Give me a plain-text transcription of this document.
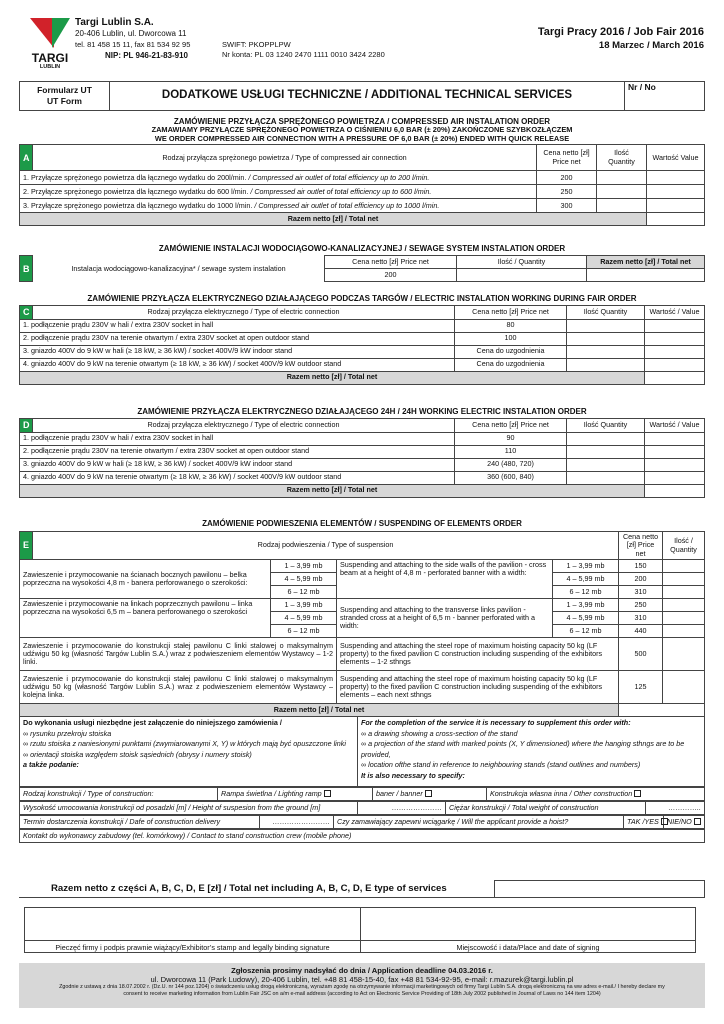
TARGI
LUBLIN
Targi Lublin S.A.
20-406 Lublin, ul. Dworcowa 11
tel. 81 458 15 11, fax 81 534 92 95
NIP: PL 946-21-83-910
SWIFT: PKOPPLPW
Nr konta: PL 03 1240 2470 1111 0010 3424 2280
Targi Pracy 2016 / Job Fair 2016
18 Marzec / March 2016
Formularz UT
UT Form	DODATKOWE USŁUGI TECHNICZNE / ADDITIONAL TECHNICAL SERVICES	Nr / No
ZAMÓWIENIE PRZYŁĄCZA SPRĘŻONEGO POWIETRZA / COMPRESSED AIR INSTALATION ORDER
ZAMAWIAMY PRZYŁĄCZE SPRĘŻONEGO POWIETRZA O CIŚNIENIU 6,0 BAR (± 20%) ZAKOŃCZONE SZYBKOZŁĄCZEM
WE ORDER COMPRESSED AIR CONNECTION WITH A PRESSURE OF 6,0 BAR (± 20%) ENDED WITH QUICK RELEASE
A	Rodzaj przyłącza sprężonego powietrza / Type of compressed air connection	Cena netto [zł] Price net	Ilość Quantity	Wartość Value
1. Przyłącze sprężonego powietrza dla łącznego wydatku do 200l/min. / Compressed air outlet of total efficiency up to 200 l/min.		200		
2. Przyłącze sprężonego powietrza dla łącznego wydatku do 600 l/min. / Compressed air outlet of total efficiency up to 600 l/min.		250		
3. Przyłącze sprężonego powietrza dla łącznego wydatku do 1000 l/min. / Compressed air outlet of total efficiency up to 1000 l/min.		300		
Razem netto [zł] / Total net				
ZAMÓWIENIE INSTALACJI WODOCIĄGOWO-KANALIZACYJNEJ / SEWAGE SYSTEM INSTALATION ORDER
B	Instalacja wodociągowo-kanalizacyjna* / sewage system instalation	Cena netto [zł] Price net	Ilość / Quantity	Razem netto [zł] / Total net
		200		
ZAMÓWIENIE PRZYŁĄCZA ELEKTRYCZNEGO DZIAŁAJĄCEGO PODCZAS TARGÓW / ELECTRIC INSTALATION WORKING DURING FAIR ORDER
C	Rodzaj przyłącza elektrycznego / Type of electric connection	Cena netto [zł] Price net	Ilość Quantity	Wartość / Value
1. podłączenie prądu 230V w hali / extra 230V socket in hall		80		
2. podłączenie prądu 230V na terenie otwartym / extra 230V socket at open outdoor stand		100		
3. gniazdo 400V do 9 kW w hali (≥ 18 kW, ≥ 36 kW) / socket 400V/9 kW indoor stand		Cena do uzgodnienia		
4. gniazdo 400V do 9 kW na terenie otwartym (≥ 18 kW, ≥ 36 kW) / socket 400V/9 kW outdoor stand		Cena do uzgodnienia		
Razem netto [zł] / Total net				
ZAMÓWIENIE PRZYŁĄCZA ELEKTRYCZNEGO DZIAŁAJĄCEGO 24H / 24H WORKING ELECTRIC INSTALATION ORDER
D	Rodzaj przyłącza elektrycznego / Type of electric connection	Cena netto [zł] Price net	Ilość Quantity	Wartość / Value
1. podłączenie prądu 230V w hali / extra 230V socket in hall		90		
2. podłączenie prądu 230V na terenie otwartym / extra 230V socket at open outdoor stand		110		
3. gniazdo 400V do 9 kW w hali (≥ 18 kW, ≥ 36 kW) / socket 400V/9 kW indoor stand		240 (480, 720)		
4. gniazdo 400V do 9 kW na terenie otwartym (≥ 18 kW, ≥ 36 kW) / socket 400V/9 kW outdoor stand		360 (600, 840)		
Razem netto [zł] / Total net				
ZAMÓWIENIE PODWIESZENIA ELEMENTÓW / SUSPENDING OF ELEMENTS ORDER
E	Rodzaj podwieszenia / Type of suspension				Cena netto [zł] Price net	Ilość / Quantity
Zawieszenie i przymocowanie na ścianach bocznych pawilonu – belka poprzeczna na wysokości 4,8 m - banera perforowanego o szerokości:		1 – 3,99 mb	Suspending and attaching to the side walls of the pavilion - cross beam at a height of 4,8 m - perforated banner with a width:	1 – 3,99 mb	150	
		4 – 5,99 mb		4 – 5,99 mb	200	
		6 – 12 mb		6 – 12 mb	310	
Zawieszenie i przymocowanie na linkach poprzecznych pawilonu – linka poprzeczna na wysokości 6,5 m – banera perforowanego o szerokości		1 – 3,99 mb	Suspending and attaching to the transverse links pavilion - stranded cross at a height of 6,5 m - banner perforated with a width:	1 – 3,99 mb	250	
		4 – 5,99 mb		4 – 5,99 mb	310	
		6 – 12 mb		6 – 12 mb	440	
Zawieszenie i przymocowanie do konstrukcji stałej pawilonu C linki stalowej o maksymalnym udźwigu 50 kg (własność Targów Lublin S.A.) wraz z podwieszeniem elementów Wystawcy – 1-2 linki.			Suspending and attaching the steel rope of maximum hoisting capacity 50 kg (LF property) to the fixed pavilion C construction including suspending of the exhibitors elements – 1-2 sthngs		500	
Zawieszenie i przymocowanie do konstrukcji stałej pawilonu C linki stalowej o maksymalnym udźwigu 50 kg (własność Targów Lublin S.A.) wraz z podwieszeniem elementów Wystawcy – kolejna linka.			Suspending and attaching the steel rope of maximum hoisting capacity 50 kg (LF property) to the fixed pavilion C construction including suspending of the exhibitors elements – each next sthngs		125	
Razem netto [zł] / Total net						
Do wykonania usługi niezbędne jest załączenie do niniejszego zamówienia /
∞ rysunku przekroju stoiska
∞ rzutu stoiska z naniesionymi punktami (zwymiarowanymi X, Y) w których mają być opuszczone linki
∞ orientacji stoiska względem stoisk sąsiednich (obrysy i numery stoisk)
a także podanie:
For the completion of the service it is necessary to supplement this order with:
∞ a drawing showing a cross-section of the stand
∞ a projection of the stand with marked points (X, Y dimensioned) where the hanging sthngs are to be provided,
∞ location ofthe stand in reference to neighbouring stands (stand outlines and numbers)
It is also necessary to specify:
Rodzaj konstrukcji / Type of construction:	Rampa świetlna / Lighting ramp	baner / banner	Konstrukcja własna inna / Other construction
Wysokość umocowania konstrukcji od posadzki [m] / Height of suspesion from the ground [m]	…………………	Ciężar konstrukcji / Total weight of construction	…………..
Termin dostarczenia konstrukcji / Dafe of construction delivery	……………………	Czy zamawiający zapewni wciągarkę / Will the applicant provide a hoist?	TAK /YES	NIE/NO
Kontakt do wykonawcy zabudowy (tel. komórkowy) / Contact to stand construction crew (mobile phone)
Razem netto z części A, B, C, D, E [zł] / Total net including A, B, C, D, E type of services
Pieczęć firmy i podpis prawnie wiążący/Exhibitor’s stamp and legally binding signature	Miejscowość i data/Place and date of signing
Zgłoszenia prosimy nadsyłać do dnia / Application deadline 04.03.2016 r.
ul. Dworcowa 11 (Park Ludowy), 20-406 Lublin, tel. +48 81 458-15-40, fax +48 81 534-92-95, e-mail: r.mazurek@targi.lublin.pl
Zgodnie z ustawą z dnia 18.07.2002 r. (Dz.U. nr 144 poz.1204) o świadczeniu usług drogą elektroniczną, wyrażam zgodę na otrzymywanie informacji marketingowych od firmy Targi Lublin S.A. drogą elektroniczną na ww adres e-mail./ I hereby declare my
consent to receive marketing information from Lublin Fair JSC on a/m e-mail address (according to Act on Electronic Service Providing of 18th July 2002 published in Journal of Laws no 144 item 1204)
